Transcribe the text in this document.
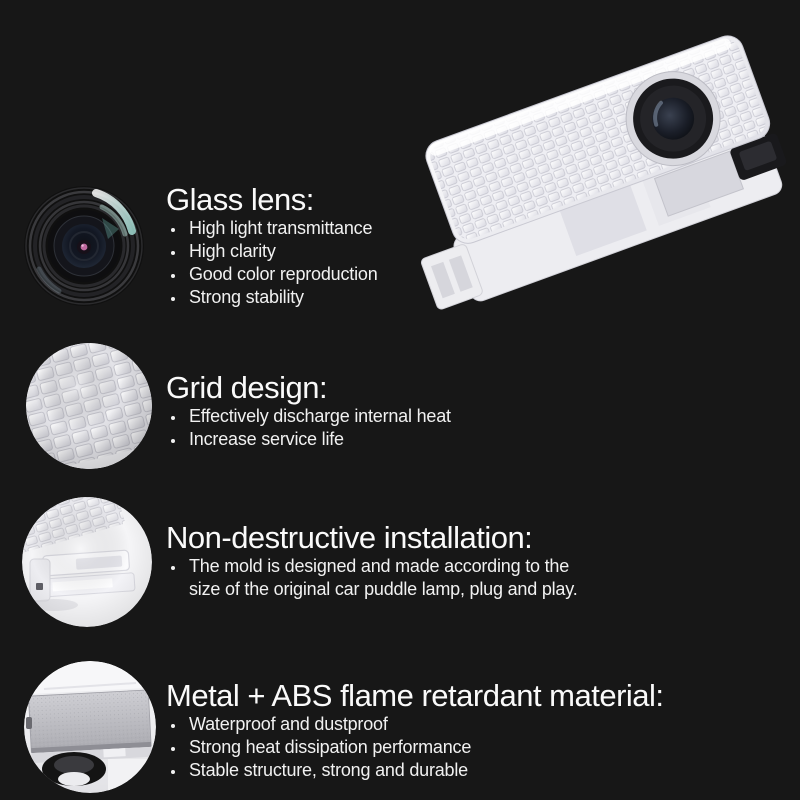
Glass lens:
• High light transmittance
• High clarity
• Good color reproduction
• Strong stability
Grid design:
• Effectively discharge internal heat
• Increase service life
Non-destructive installation:
• The mold is designed and made according to the size of the original car puddle lamp, plug and play.
Metal + ABS flame retardant material:
• Waterproof and dustproof
• Strong heat dissipation performance
• Stable structure, strong and durable
